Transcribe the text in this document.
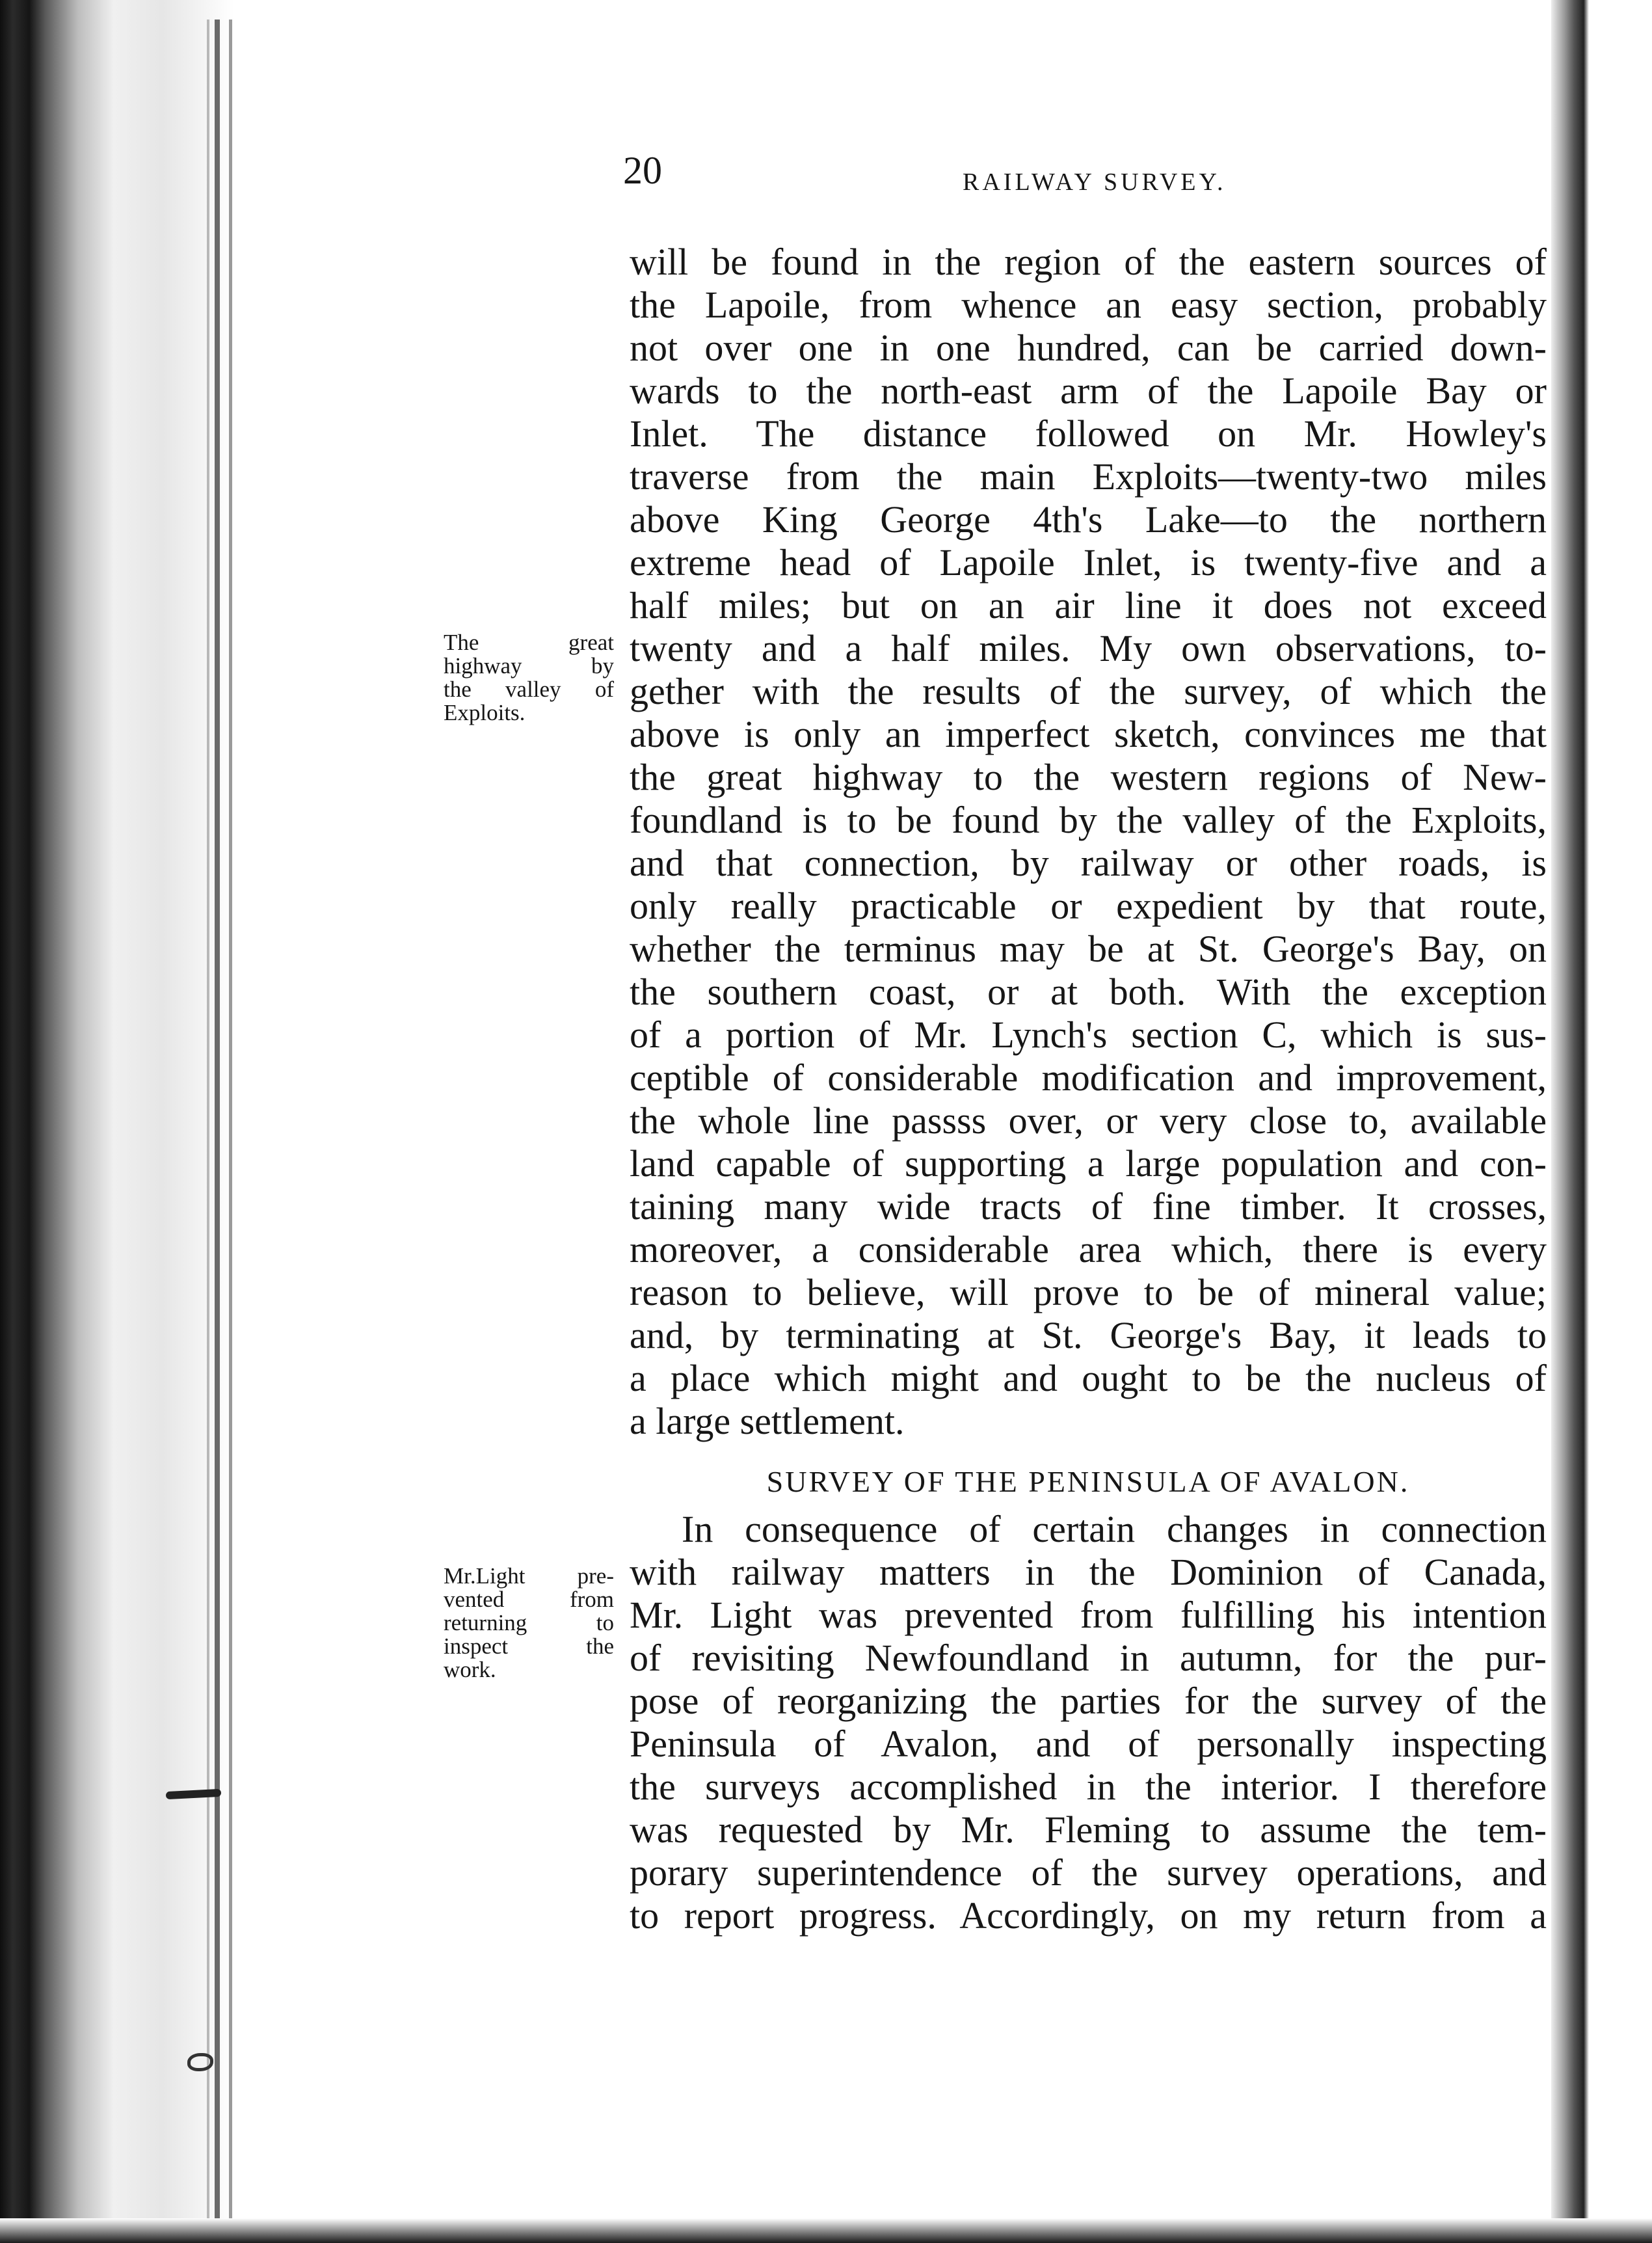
20	RAILWAY SURVEY.
The great
highway by
the valley of
Exploits.
Mr.Light pre-
vented from
returning to
inspect the
work.
will be found in the region of the eastern sources of
the Lapoile, from whence an easy section, probably
not over one in one hundred, can be carried down-
wards to the north-east arm of the Lapoile Bay or
Inlet. The distance followed on Mr. Howley's
traverse from the main Exploits—twenty-two miles
above King George 4th's Lake—to the northern
extreme head of Lapoile Inlet, is twenty-five and a
half miles; but on an air line it does not exceed
twenty and a half miles. My own observations, to-
gether with the results of the survey, of which the
above is only an imperfect sketch, convinces me that
the great highway to the western regions of New-
foundland is to be found by the valley of the Exploits,
and that connection, by railway or other roads, is
only really practicable or expedient by that route,
whether the terminus may be at St. George's Bay, on
the southern coast, or at both. With the exception
of a portion of Mr. Lynch's section C, which is sus-
ceptible of considerable modification and improvement,
the whole line passss over, or very close to, available
land capable of supporting a large population and con-
taining many wide tracts of fine timber. It crosses,
moreover, a considerable area which, there is every
reason to believe, will prove to be of mineral value;
and, by terminating at St. George's Bay, it leads to
a place which might and ought to be the nucleus of
a large settlement.
SURVEY OF THE PENINSULA OF AVALON.
In consequence of certain changes in connection
with railway matters in the Dominion of Canada,
Mr. Light was prevented from fulfilling his intention
of revisiting Newfoundland in autumn, for the pur-
pose of reorganizing the parties for the survey of the
Peninsula of Avalon, and of personally inspecting
the surveys accomplished in the interior. I therefore
was requested by Mr. Fleming to assume the tem-
porary superintendence of the survey operations, and
to report progress. Accordingly, on my return from a
